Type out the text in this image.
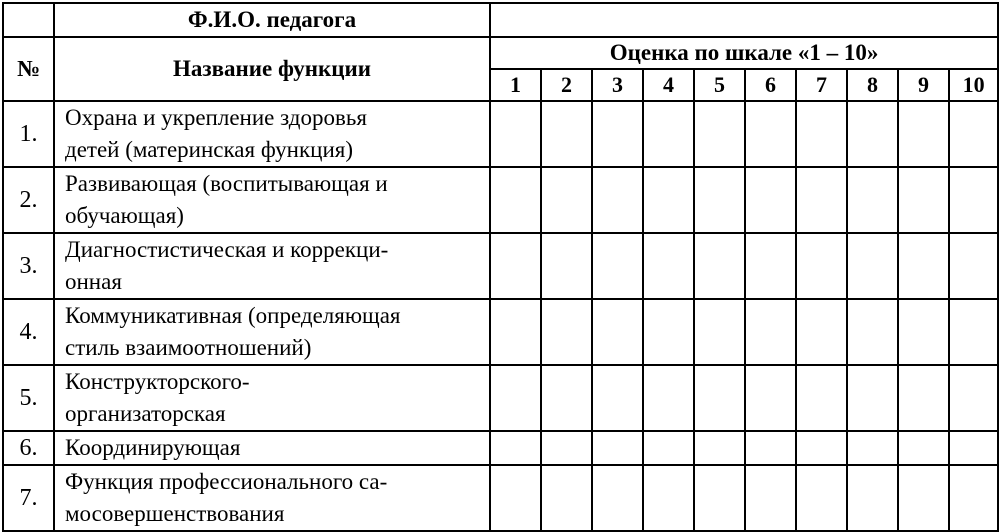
	Ф.И.О. педагога										
№	Название функции	Оценка по шкале «1 – 10»									
		1	2	3	4	5	6	7	8	9	10
1.	Охрана и укрепление здоровья
детей (материнская функция)										

2.	Развивающая (воспитывающая и
обучающая)										

3.	Диагностистическая и коррекци-
онная										

4.	Коммуникативная (определяющая
стиль взаимоотношений)										

5.	Конструкторского-
организаторская										

6.	Координирующая										

7.	Функция профессионального са-
мосовершенствования										
